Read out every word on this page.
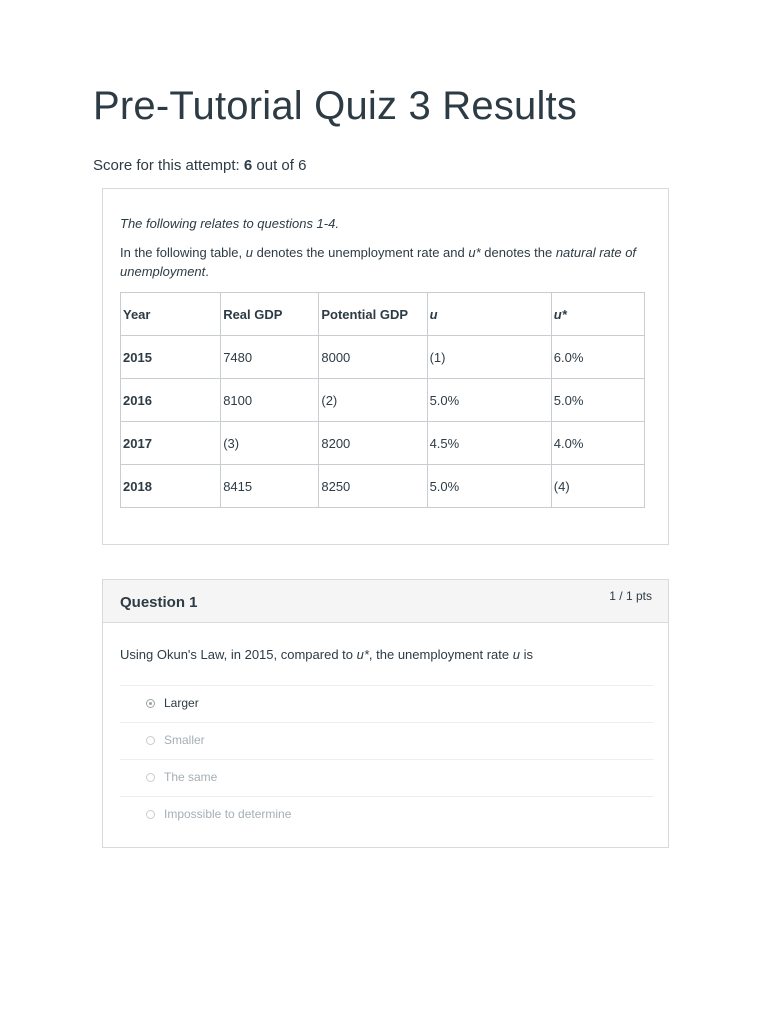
Pre-Tutorial Quiz 3 Results
Score for this attempt: 6 out of 6

The following relates to questions 1-4.

In the following table, u denotes the unemployment rate and u* denotes the natural rate of unemployment.

Year	Real GDP	Potential GDP	u	u*
2015	7480	8000	(1)	6.0%
2016	8100	(2)	5.0%	5.0%
2017	(3)	8200	4.5%	4.0%
2018	8415	8250	5.0%	(4)
Question 1	1 / 1 pts
Using Okun's Law, in 2015, compared to u*, the unemployment rate u is
Larger
Smaller
The same
Impossible to determine
